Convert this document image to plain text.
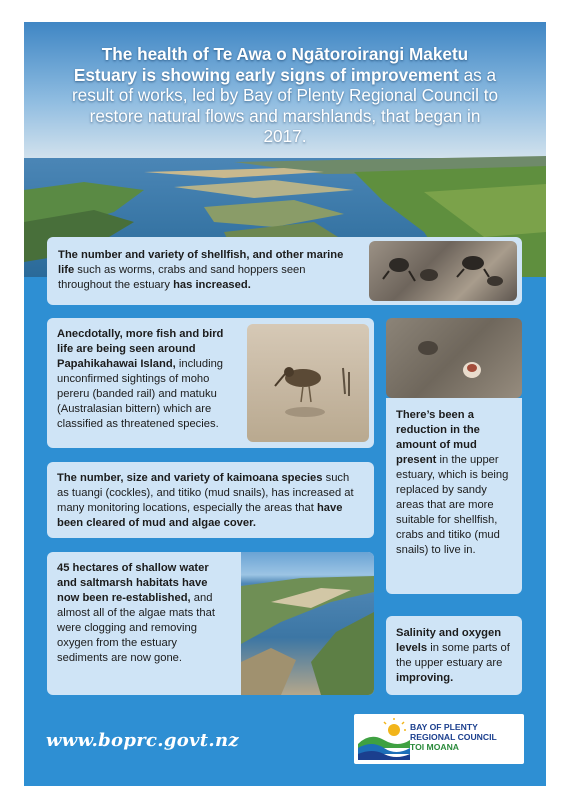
The health of Te Awa o Ngātoroirangi Maketu Estuary is showing early signs of improvement as a result of works, led by Bay of Plenty Regional Council to restore natural flows and marshlands, that began in 2017.
The number and variety of shellfish, and other marine life such as worms, crabs and sand hoppers seen throughout the estuary has increased.
Anecdotally, more fish and bird life are being seen around Papahikahawai Island, including unconfirmed sightings of moho pereru (banded rail) and matuku (Australasian bittern) which are classified as threatened species.
There’s been a reduction in the amount of mud present in the upper estuary, which is being replaced by sandy areas that are more suitable for shellfish, crabs and titiko (mud snails) to live in.
The number, size and variety of kaimoana species such as tuangi (cockles), and titiko (mud snails), has increased at many monitoring locations, especially the areas that have been cleared of mud and algae cover.
45 hectares of shallow water and saltmarsh habitats have now been re-established, and almost all of the algae mats that were clogging and removing oxygen from the estuary sediments are now gone.
Salinity and oxygen levels in some parts of the upper estuary are improving.
www.boprc.govt.nz
BAY OF PLENTY
REGIONAL COUNCIL
TOI MOANA
